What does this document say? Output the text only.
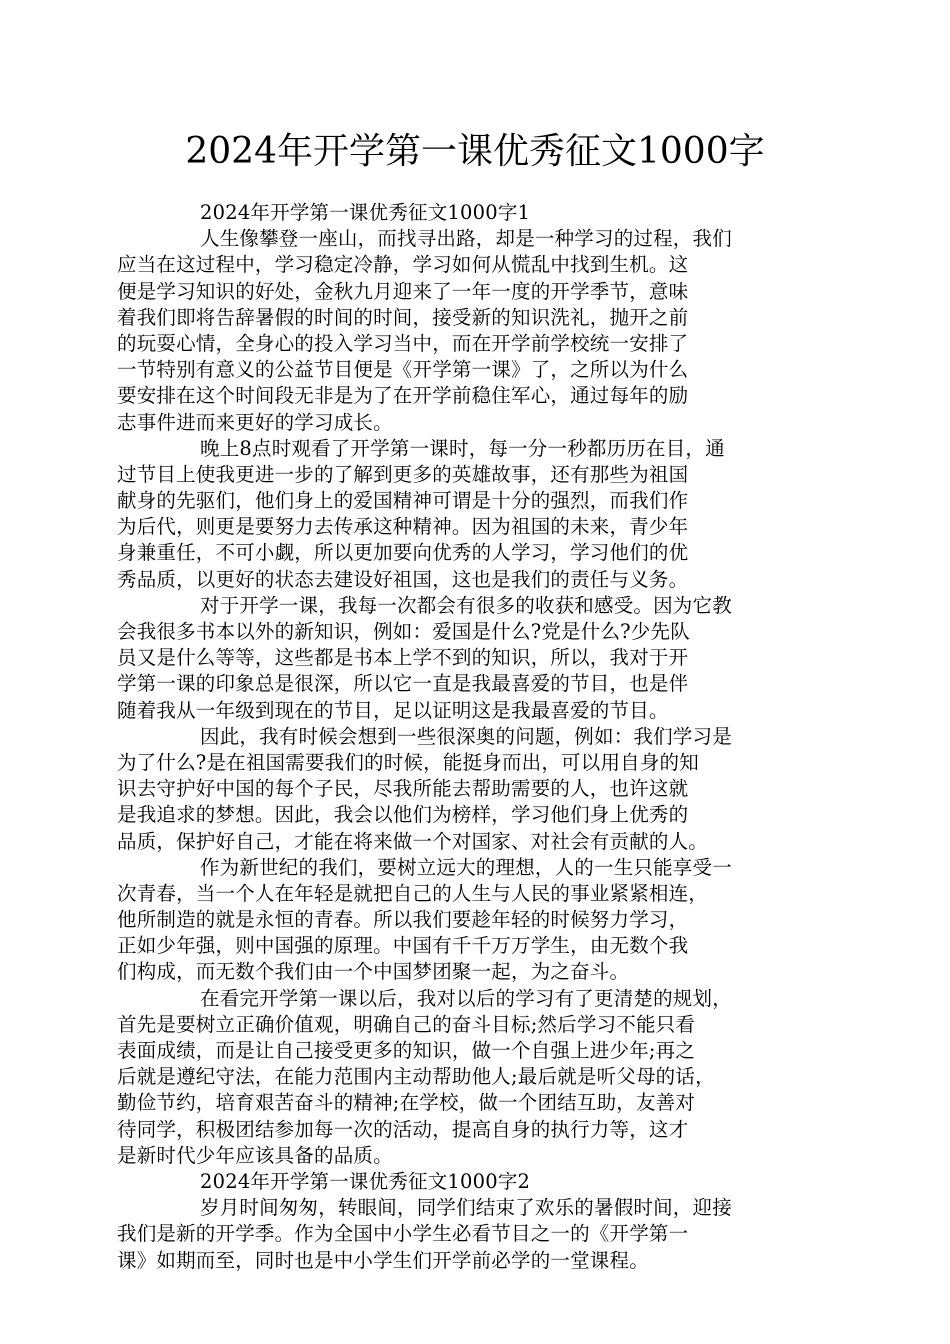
2024年开学第一课优秀征文1000字
2024年开学第一课优秀征文1000字1
人生像攀登一座山，而找寻出路，却是一种学习的过程，我们
应当在这过程中，学习稳定冷静，学习如何从慌乱中找到生机。这
便是学习知识的好处，金秋九月迎来了一年一度的开学季节，意味
着我们即将告辞暑假的时间的时间，接受新的知识洗礼，抛开之前
的玩耍心情，全身心的投入学习当中，而在开学前学校统一安排了
一节特别有意义的公益节目便是《开学第一课》了，之所以为什么
要安排在这个时间段无非是为了在开学前稳住军心，通过每年的励
志事件进而来更好的学习成长。
晚上8点时观看了开学第一课时，每一分一秒都历历在目，通
过节目上使我更进一步的了解到更多的英雄故事，还有那些为祖国
献身的先驱们，他们身上的爱国精神可谓是十分的强烈，而我们作
为后代，则更是要努力去传承这种精神。因为祖国的未来，青少年
身兼重任，不可小觑，所以更加要向优秀的人学习，学习他们的优
秀品质，以更好的状态去建设好祖国，这也是我们的责任与义务。
对于开学一课，我每一次都会有很多的收获和感受。因为它教
会我很多书本以外的新知识，例如：爱国是什么?党是什么?少先队
员又是什么等等，这些都是书本上学不到的知识，所以，我对于开
学第一课的印象总是很深，所以它一直是我最喜爱的节目，也是伴
随着我从一年级到现在的节目，足以证明这是我最喜爱的节目。
因此，我有时候会想到一些很深奥的问题，例如：我们学习是
为了什么?是在祖国需要我们的时候，能挺身而出，可以用自身的知
识去守护好中国的每个子民，尽我所能去帮助需要的人，也许这就
是我追求的梦想。因此，我会以他们为榜样，学习他们身上优秀的
品质，保护好自己，才能在将来做一个对国家、对社会有贡献的人。
作为新世纪的我们，要树立远大的理想，人的一生只能享受一
次青春，当一个人在年轻是就把自己的人生与人民的事业紧紧相连，
他所制造的就是永恒的青春。所以我们要趁年轻的时候努力学习，
正如少年强，则中国强的原理。中国有千千万万学生，由无数个我
们构成，而无数个我们由一个中国梦团聚一起，为之奋斗。
在看完开学第一课以后，我对以后的学习有了更清楚的规划，
首先是要树立正确价值观，明确自己的奋斗目标;然后学习不能只看
表面成绩，而是让自己接受更多的知识，做一个自强上进少年;再之
后就是遵纪守法，在能力范围内主动帮助他人;最后就是听父母的话，
勤俭节约，培育艰苦奋斗的精神;在学校，做一个团结互助，友善对
待同学，积极团结参加每一次的活动，提高自身的执行力等，这才
是新时代少年应该具备的品质。
2024年开学第一课优秀征文1000字2
岁月时间匆匆，转眼间，同学们结束了欢乐的暑假时间，迎接
我们是新的开学季。作为全国中小学生必看节目之一的《开学第一
课》如期而至，同时也是中小学生们开学前必学的一堂课程。
